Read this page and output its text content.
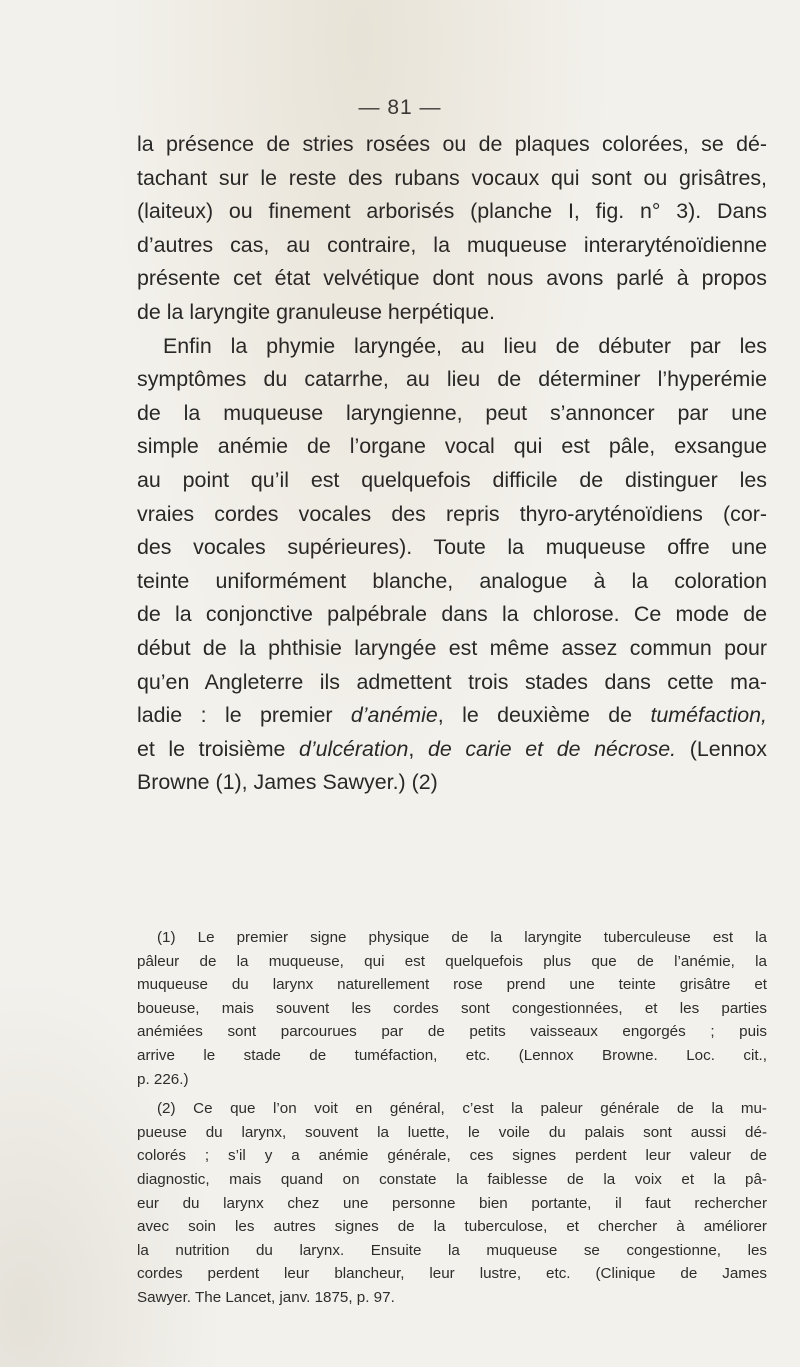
— 81 —

la présence de stries rosées ou de plaques colorées, se dé-
tachant sur le reste des rubans vocaux qui sont ou grisâtres,
(laiteux) ou finement arborisés (planche I, fig. n° 3). Dans
d’autres cas, au contraire, la muqueuse interaryténoïdienne
présente cet état velvétique dont nous avons parlé à propos
de la laryngite granuleuse herpétique.

Enfin la phymie laryngée, au lieu de débuter par les
symptômes du catarrhe, au lieu de déterminer l’hyperémie
de la muqueuse laryngienne, peut s’annoncer par une
simple anémie de l’organe vocal qui est pâle, exsangue
au point qu’il est quelquefois difficile de distinguer les
vraies cordes vocales des repris thyro-aryténoïdiens (cor-
des vocales supérieures). Toute la muqueuse offre une
teinte uniformément blanche, analogue à la coloration
de la conjonctive palpébrale dans la chlorose. Ce mode de
début de la phthisie laryngée est même assez commun pour
qu’en Angleterre ils admettent trois stades dans cette ma-
ladie : le premier d’anémie, le deuxième de tuméfaction,
et le troisième d’ulcération, de carie et de nécrose. (Lennox
Browne (1), James Sawyer.) (2)

(1) Le premier signe physique de la laryngite tuberculeuse est la
pâleur de la muqueuse, qui est quelquefois plus que de l’anémie, la
muqueuse du larynx naturellement rose prend une teinte grisâtre et
boueuse, mais souvent les cordes sont congestionnées, et les parties
anémiées sont parcourues par de petits vaisseaux engorgés ; puis
arrive le stade de tuméfaction, etc. (Lennox Browne. Loc. cit.,
p. 226.)

(2) Ce que l’on voit en général, c’est la paleur générale de la mu-
pueuse du larynx, souvent la luette, le voile du palais sont aussi dé-
colorés ; s’il y a anémie générale, ces signes perdent leur valeur de
diagnostic, mais quand on constate la faiblesse de la voix et la pâ-
eur du larynx chez une personne bien portante, il faut rechercher
avec soin les autres signes de la tuberculose, et chercher à améliorer
la nutrition du larynx. Ensuite la muqueuse se congestionne, les
cordes perdent leur blancheur, leur lustre, etc. (Clinique de James
Sawyer. The Lancet, janv. 1875, p. 97.
